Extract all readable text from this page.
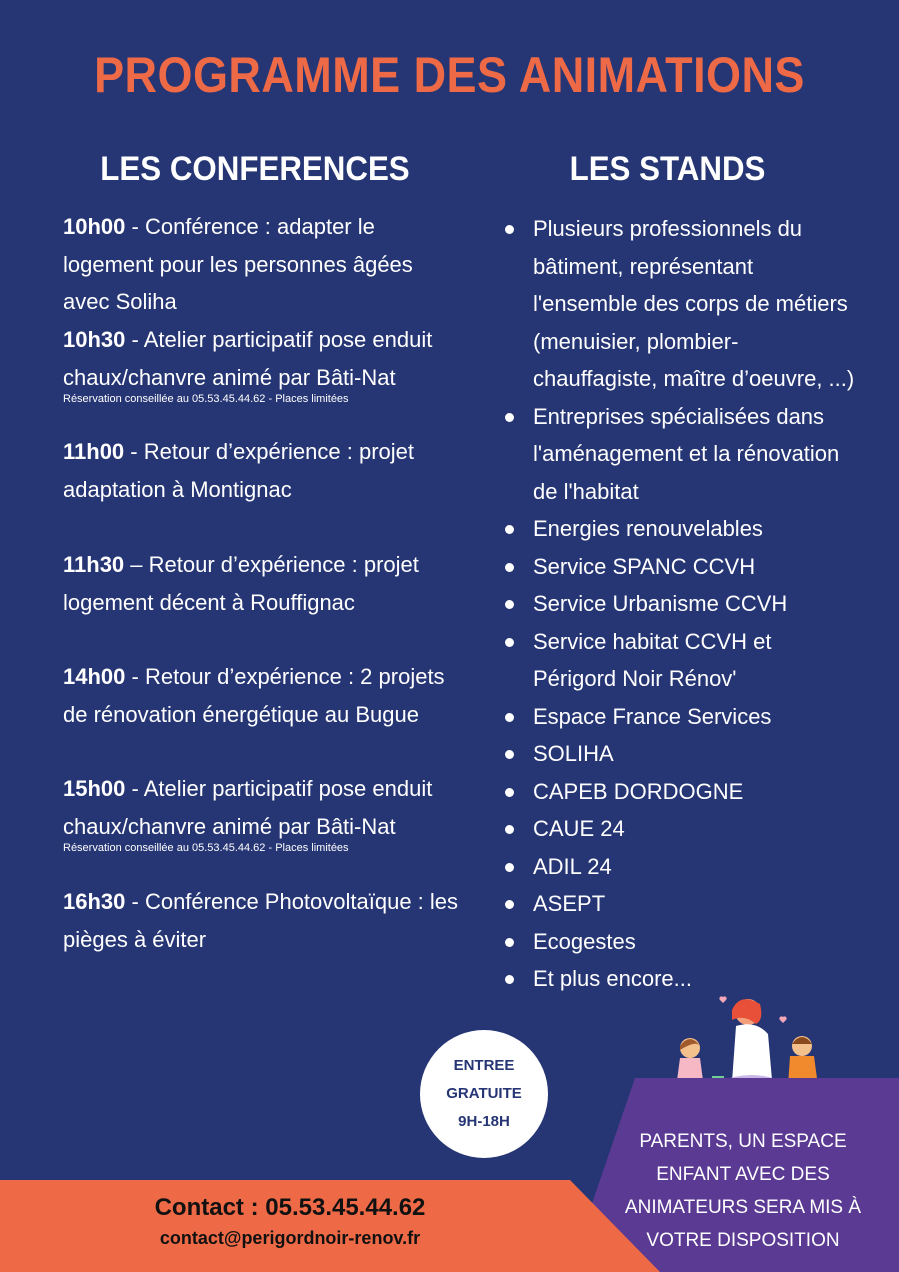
PROGRAMME DES ANIMATIONS
LES CONFERENCES	LES STANDS
10h00 - Conférence : adapter le logement pour les personnes âgées avec Soliha
10h30 - Atelier participatif pose enduit chaux/chanvre animé par Bâti-Nat
Réservation conseillée au 05.53.45.44.62 - Places limitées
11h00 - Retour d’expérience : projet adaptation à Montignac
11h30 – Retour d’expérience : projet logement décent à Rouffignac
14h00 - Retour d’expérience : 2 projets de rénovation énergétique au Bugue
15h00 - Atelier participatif pose enduit chaux/chanvre animé par Bâti-Nat
Réservation conseillée au 05.53.45.44.62 - Places limitées
16h30 - Conférence Photovoltaïque : les pièges à éviter
Plusieurs professionnels du bâtiment, représentant l'ensemble des corps de métiers (menuisier, plombier-chauffagiste, maître d’oeuvre, ...)
Entreprises spécialisées dans l'aménagement et la rénovation de l'habitat
Energies renouvelables
Service SPANC CCVH
Service Urbanisme CCVH
Service habitat CCVH et Périgord Noir Rénov'
Espace France Services
SOLIHA
CAPEB DORDOGNE
CAUE 24
ADIL 24
ASEPT
Ecogestes
Et plus encore...
ENTREE
GRATUITE
9H-18H
PARENTS, UN ESPACE ENFANT AVEC DES ANIMATEURS SERA MIS À VOTRE DISPOSITION
Contact : 05.53.45.44.62
contact@perigordnoir-renov.fr
